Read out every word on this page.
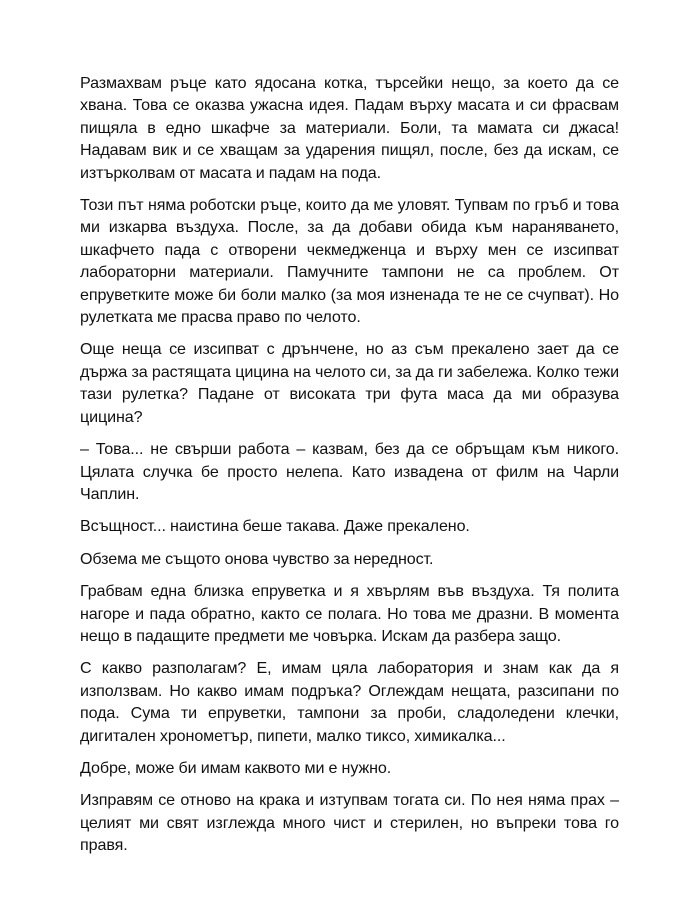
Размахвам ръце като ядосана котка, търсейки нещо, за което да се хвана. Това се оказва ужасна идея. Падам върху масата и си фрасвам пищяла в едно шкафче за материали. Боли, та мамата си джаса! Надавам вик и се хващам за ударения пищял, после, без да искам, се изтърколвам от масата и падам на пода.

Този път няма роботски ръце, които да ме уловят. Тупвам по гръб и това ми изкарва въздуха. После, за да добави обида към нараняването, шкафчето пада с отворени чекмедженца и върху мен се изсипват лабораторни материали. Памучните тампони не са проблем. От епруветките може би боли малко (за моя изненада те не се счупват). Но рулетката ме прасва право по челото.

Още неща се изсипват с дрънчене, но аз съм прекалено зает да се държа за растящата цицина на челото си, за да ги забележа. Колко тежи тази рулетка? Падане от високата три фута маса да ми образува цицина?

– Това... не свърши работа – казвам, без да се обръщам към никого. Цялата случка бе просто нелепа. Като извадена от филм на Чарли Чаплин.

Всъщност... наистина беше такава. Даже прекалено.

Обзема ме същото онова чувство за нередност.

Грабвам една близка епруветка и я хвърлям във въздуха. Тя полита нагоре и пада обратно, както се полага. Но това ме дразни. В момента нещо в падащите предмети ме човърка. Искам да разбера защо.

С какво разполагам? Е, имам цяла лаборатория и знам как да я използвам. Но какво имам подръка? Оглеждам нещата, разсипани по пода. Сума ти епруветки, тампони за проби, сладоледени клечки, дигитален хронометър, пипети, малко тиксо, химикалка...

Добре, може би имам каквото ми е нужно.

Изправям се отново на крака и изтупвам тогата си. По нея няма прах – целият ми свят изглежда много чист и стерилен, но въпреки това го правя.
